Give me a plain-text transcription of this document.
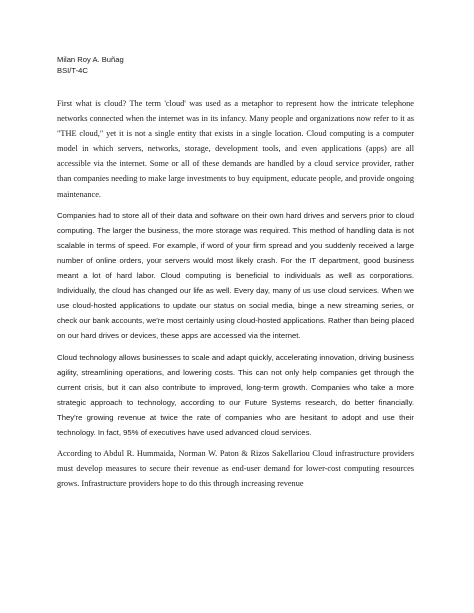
Milan Roy A. Buñag

BSI/T-4C

First what is cloud? The term 'cloud' was used as a metaphor to represent how the intricate telephone networks connected when the internet was in its infancy. Many people and organizations now refer to it as "THE cloud," yet it is not a single entity that exists in a single location. Cloud computing is a computer model in which servers, networks, storage, development tools, and even applications (apps) are all accessible via the internet. Some or all of these demands are handled by a cloud service provider, rather than companies needing to make large investments to buy equipment, educate people, and provide ongoing maintenance.

Companies had to store all of their data and software on their own hard drives and servers prior to cloud computing. The larger the business, the more storage was required. This method of handling data is not scalable in terms of speed. For example, if word of your firm spread and you suddenly received a large number of online orders, your servers would most likely crash. For the IT department, good business meant a lot of hard labor. Cloud computing is beneficial to individuals as well as corporations. Individually, the cloud has changed our life as well. Every day, many of us use cloud services. When we use cloud-hosted applications to update our status on social media, binge a new streaming series, or check our bank accounts, we're most certainly using cloud-hosted applications. Rather than being placed on our hard drives or devices, these apps are accessed via the internet.

Cloud technology allows businesses to scale and adapt quickly, accelerating innovation, driving business agility, streamlining operations, and lowering costs. This can not only help companies get through the current crisis, but it can also contribute to improved, long-term growth. Companies who take a more strategic approach to technology, according to our Future Systems research, do better financially. They're growing revenue at twice the rate of companies who are hesitant to adopt and use their technology. In fact, 95% of executives have used advanced cloud services.

According to Abdul R. Hummaida, Norman W. Paton & Rizos Sakellariou Cloud infrastructure providers must develop measures to secure their revenue as end-user demand for lower-cost computing resources grows. Infrastructure providers hope to do this through increasing revenue
